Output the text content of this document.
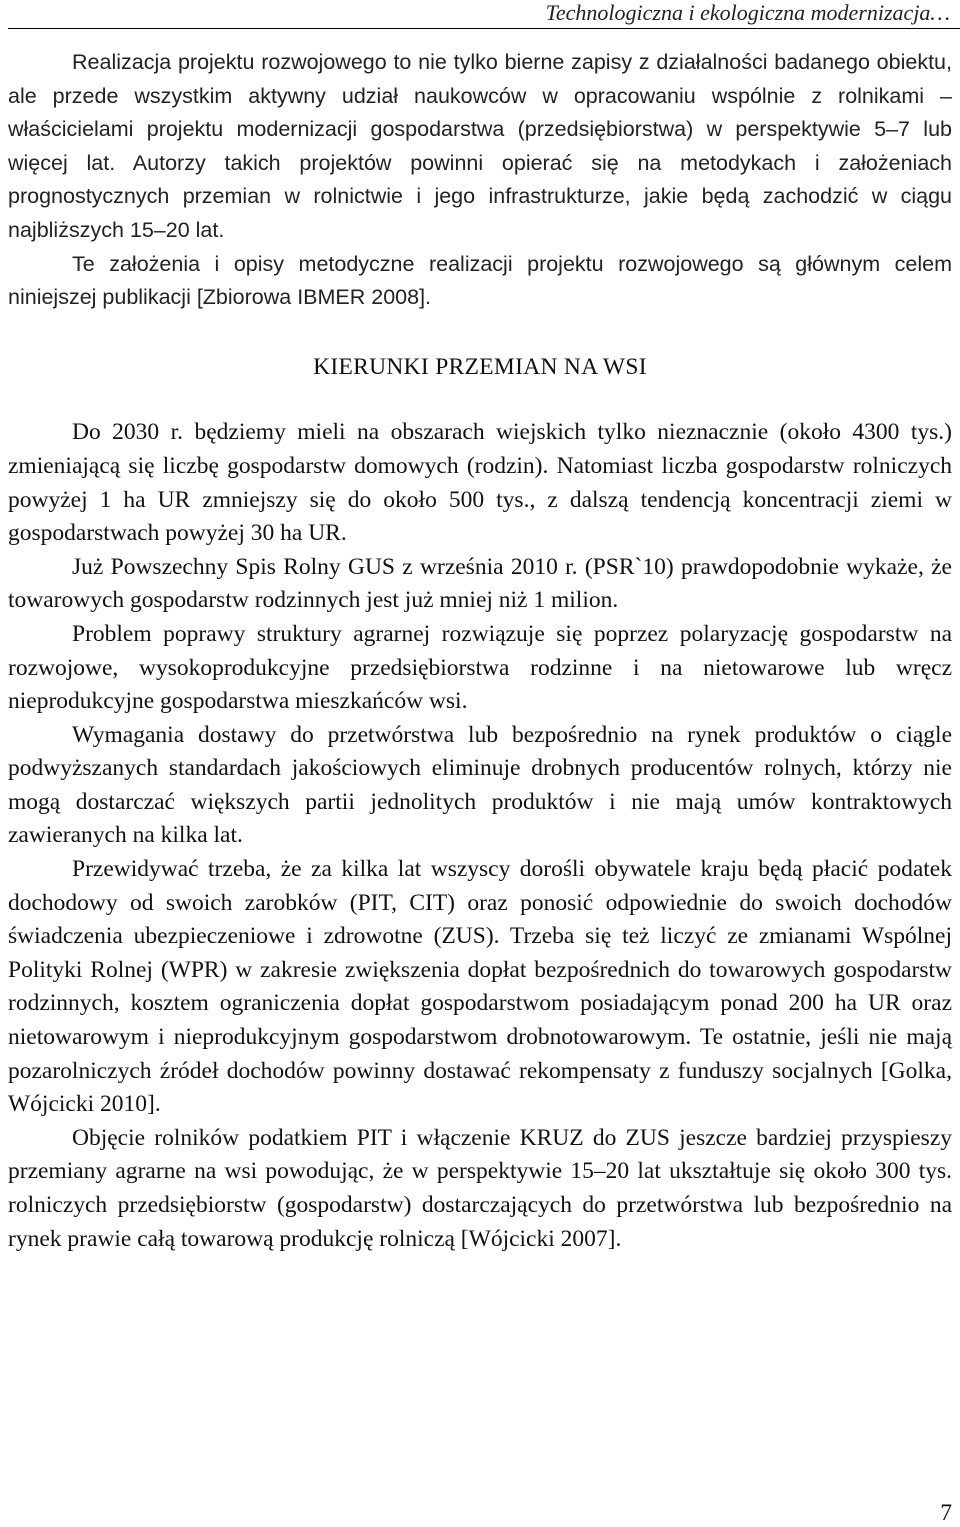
Technologiczna i ekologiczna modernizacja…

Realizacja projektu rozwojowego to nie tylko bierne zapisy z działalności badanego obiektu, ale przede wszystkim aktywny udział naukowców w opracowaniu wspólnie z rolnikami – właścicielami projektu modernizacji gospodarstwa (przedsiębiorstwa) w perspektywie 5–7 lub więcej lat. Autorzy takich projektów powinni opierać się na metodykach i założeniach prognostycznych przemian w rolnictwie i jego infrastrukturze, jakie będą zachodzić w ciągu najbliższych 15–20 lat.

Te założenia i opisy metodyczne realizacji projektu rozwojowego są głównym celem niniejszej publikacji [Zbiorowa IBMER 2008].

KIERUNKI PRZEMIAN NA WSI

Do 2030 r. będziemy mieli na obszarach wiejskich tylko nieznacznie (około 4300 tys.) zmieniającą się liczbę gospodarstw domowych (rodzin). Natomiast liczba gospodarstw rolniczych powyżej 1 ha UR zmniejszy się do około 500 tys., z dalszą tendencją koncentracji ziemi w gospodarstwach powyżej 30 ha UR.

Już Powszechny Spis Rolny GUS z września 2010 r. (PSR`10) prawdopodobnie wykaże, że towarowych gospodarstw rodzinnych jest już mniej niż 1 milion.

Problem poprawy struktury agrarnej rozwiązuje się poprzez polaryzację gospodarstw na rozwojowe, wysokoprodukcyjne przedsiębiorstwa rodzinne i na nietowarowe lub wręcz nieprodukcyjne gospodarstwa mieszkańców wsi.

Wymagania dostawy do przetwórstwa lub bezpośrednio na rynek produktów o ciągle podwyższanych standardach jakościowych eliminuje drobnych producentów rolnych, którzy nie mogą dostarczać większych partii jednolitych produktów i nie mają umów kontraktowych zawieranych na kilka lat.

Przewidywać trzeba, że za kilka lat wszyscy dorośli obywatele kraju będą płacić podatek dochodowy od swoich zarobków (PIT, CIT) oraz ponosić odpowiednie do swoich dochodów świadczenia ubezpieczeniowe i zdrowotne (ZUS). Trzeba się też liczyć ze zmianami Wspólnej Polityki Rolnej (WPR) w zakresie zwiększenia dopłat bezpośrednich do towarowych gospodarstw rodzinnych, kosztem ograniczenia dopłat gospodarstwom posiadającym ponad 200 ha UR oraz nietowarowym i nieprodukcyjnym gospodarstwom drobnotowarowym. Te ostatnie, jeśli nie mają pozarolniczych źródeł dochodów powinny dostawać rekompensaty z funduszy socjalnych [Golka, Wójcicki 2010].

Objęcie rolników podatkiem PIT i włączenie KRUZ do ZUS jeszcze bardziej przyspieszy przemiany agrarne na wsi powodując, że w perspektywie 15–20 lat ukształtuje się około 300 tys. rolniczych przedsiębiorstw (gospodarstw) dostarczających do przetwórstwa lub bezpośrednio na rynek prawie całą towarową produkcję rolniczą [Wójcicki 2007].

7
